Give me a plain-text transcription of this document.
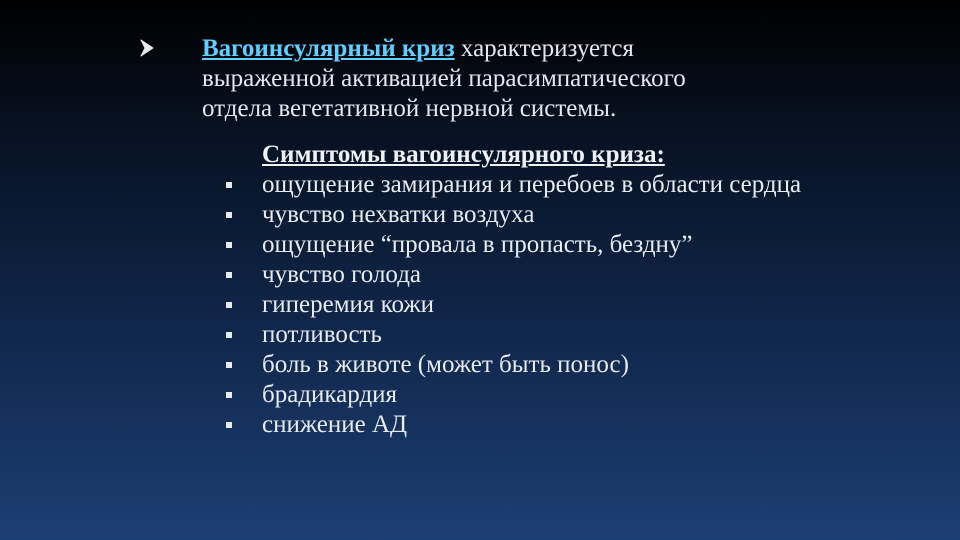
Вагоинсулярный криз характеризуется
выраженной активацией парасимпатического
отдела вегетативной нервной системы.
Симптомы вагоинсулярного криза:
ощущение замирания и перебоев в области сердца
чувство нехватки воздуха
ощущение “провала в пропасть, бездну”
чувство голода
гиперемия кожи
потливость
боль в животе (может быть понос)
брадикардия
снижение АД
